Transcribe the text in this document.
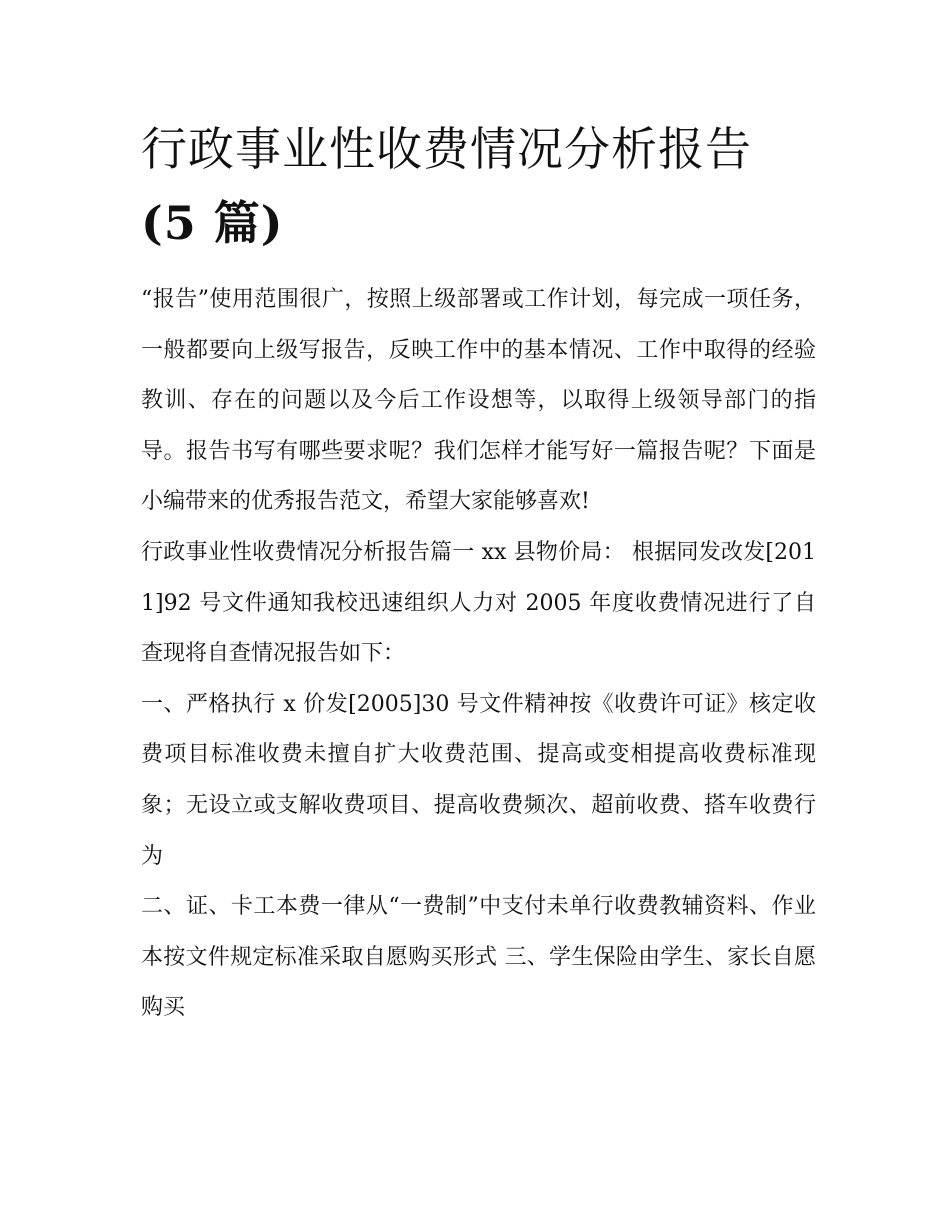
行政事业性收费情况分析报告
(5 篇)

“报告”使用范围很广，按照上级部署或工作计划，每完成一项任务，一般都要向上级写报告，反映工作中的基本情况、工作中取得的经验教训、存在的问题以及今后工作设想等，以取得上级领导部门的指导。报告书写有哪些要求呢？我们怎样才能写好一篇报告呢？下面是小编带来的优秀报告范文，希望大家能够喜欢!

行政事业性收费情况分析报告篇一 xx 县物价局： 根据同发改发[2011]92 号文件通知我校迅速组织人力对 2005 年度收费情况进行了自查现将自查情况报告如下：

一、严格执行 x 价发[2005]30 号文件精神按《收费许可证》核定收费项目标准收费未擅自扩大收费范围、提高或变相提高收费标准现象；无设立或支解收费项目、提高收费频次、超前收费、搭车收费行为

二、证、卡工本费一律从“一费制”中支付未单行收费教辅资料、作业本按文件规定标准采取自愿购买形式 三、学生保险由学生、家长自愿购买
